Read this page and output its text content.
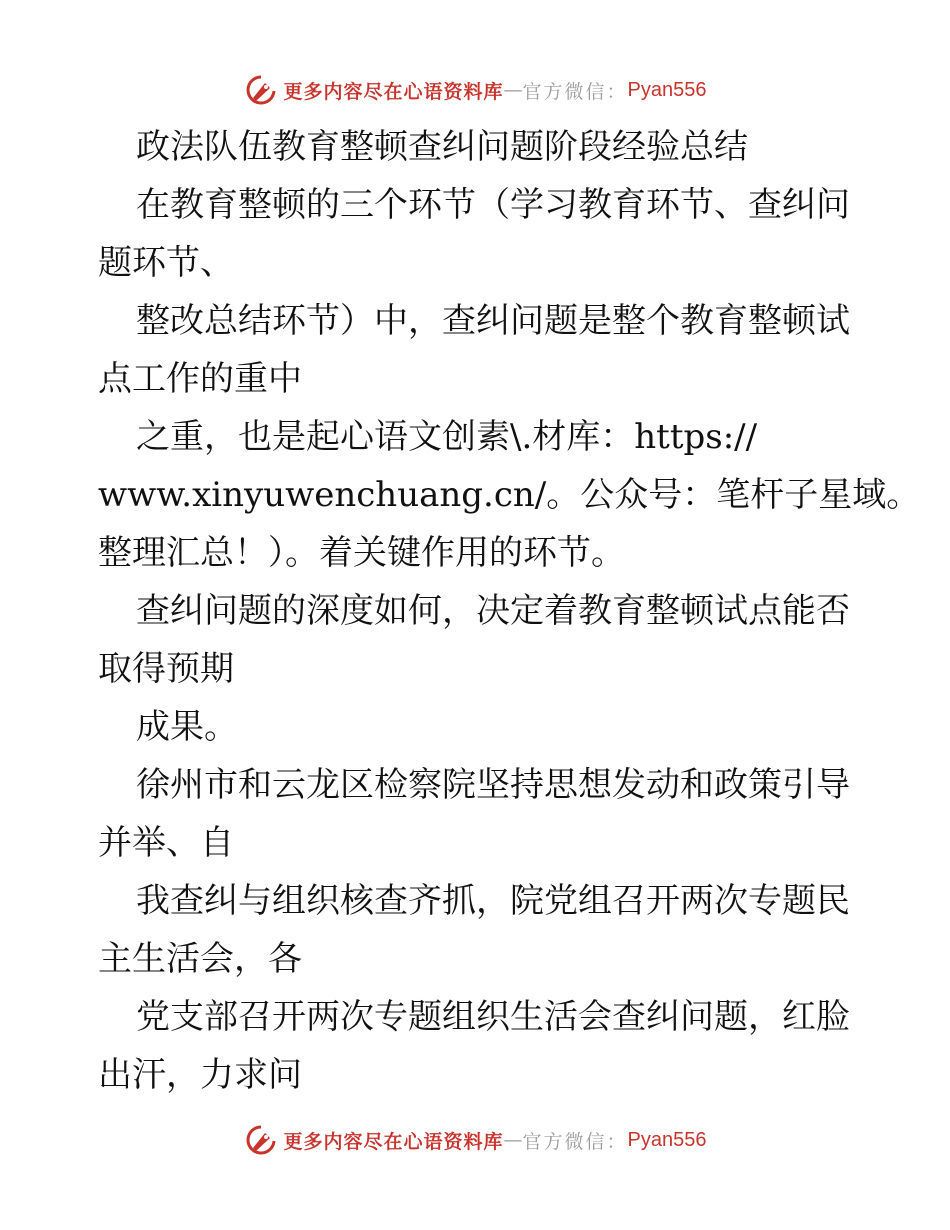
更多内容尽在心语资料库 — 官方微信： Pyan556
政法队伍教育整顿查纠问题阶段经验总结
在教育整顿的三个环节（学习教育环节、查纠问
题环节、
整改总结环节）中，查纠问题是整个教育整顿试
点工作的重中
之重，也是起心语文创素\.材库：https://
www.xinyuwenchuang.cn/。公众号：笔杆子星域。
整理汇总！）。着关键作用的环节。
查纠问题的深度如何，决定着教育整顿试点能否
取得预期
成果。
徐州市和云龙区检察院坚持思想发动和政策引导
并举、自
我查纠与组织核查齐抓，院党组召开两次专题民
主生活会，各
党支部召开两次专题组织生活会查纠问题，红脸
出汗，力求问
更多内容尽在心语资料库 — 官方微信： Pyan556
